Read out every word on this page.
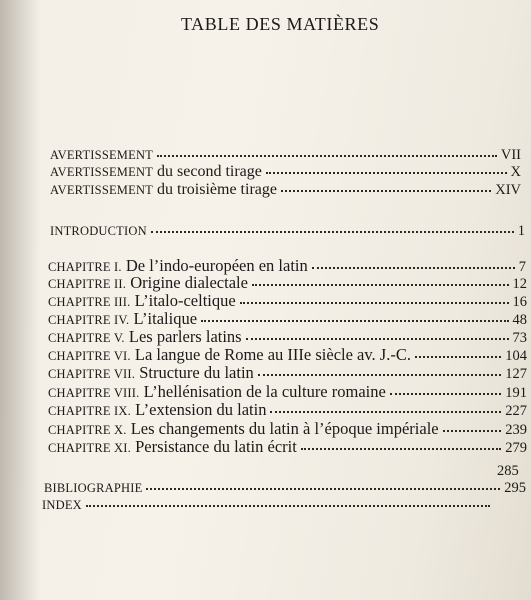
TABLE DES MATIÈRES
AVERTISSEMENT	VII
AVERTISSEMENT du second tirage	X
AVERTISSEMENT du troisième tirage	XIV
INTRODUCTION	1
CHAPITRE I. De l’indo-européen en latin	7
CHAPITRE II. Origine dialectale	12
CHAPITRE III. L’italo-celtique	16
CHAPITRE IV. L’italique	48
CHAPITRE V. Les parlers latins	73
CHAPITRE VI. La langue de Rome au IIIe siècle av. J.-C.	104
CHAPITRE VII. Structure du latin	127
CHAPITRE VIII. L’hellénisation de la culture romaine	191
CHAPITRE IX. L’extension du latin	227
CHAPITRE X. Les changements du latin à l’époque impériale	239
CHAPITRE XI. Persistance du latin écrit	279
285
BIBLIOGRAPHIE	295
INDEX
